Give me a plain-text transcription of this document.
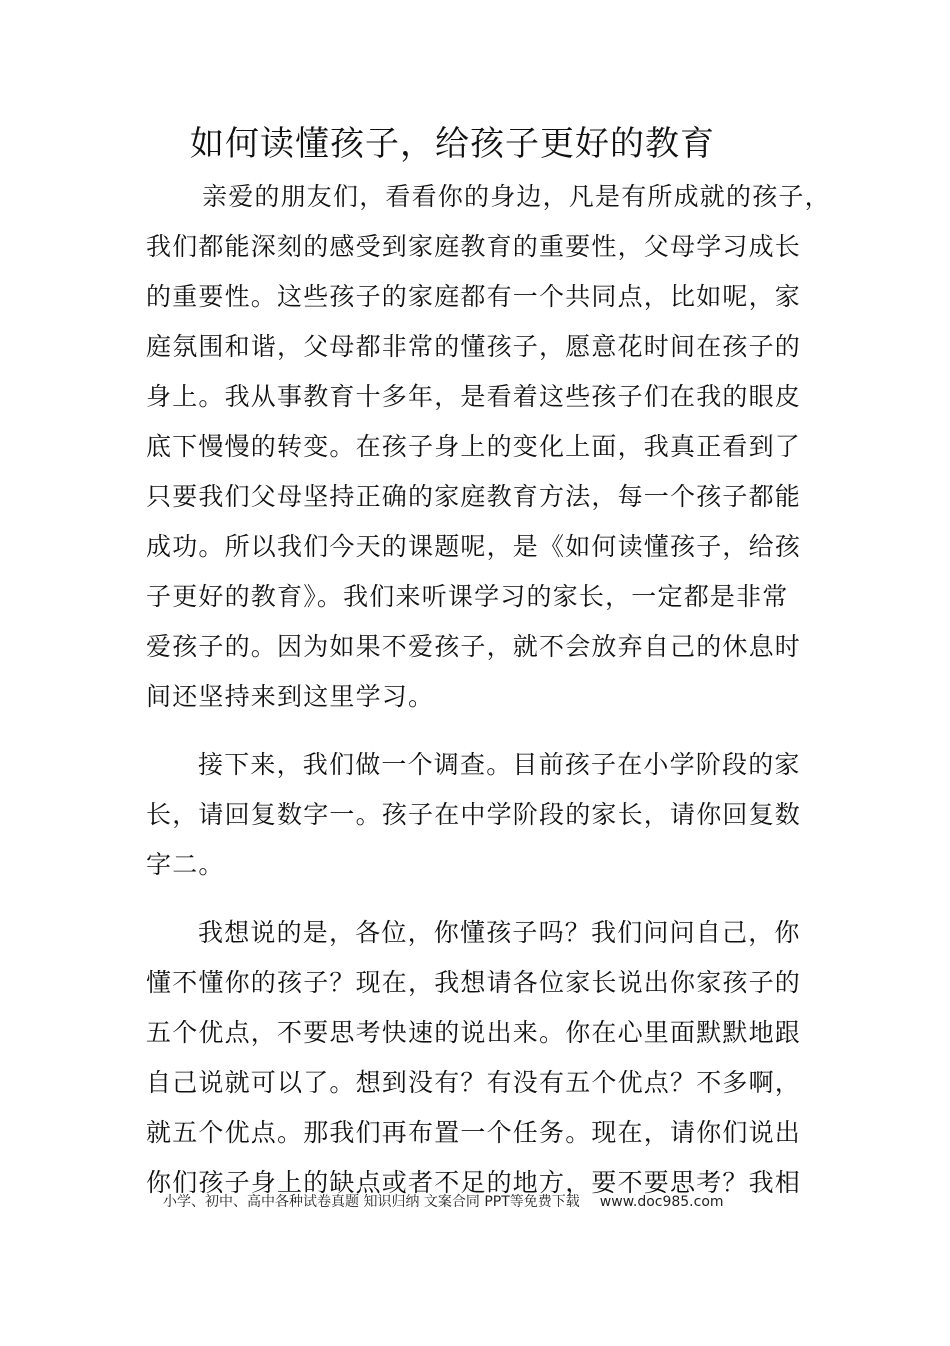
如何读懂孩子，给孩子更好的教育
亲爱的朋友们，看看你的身边，凡是有所成就的孩子，
我们都能深刻的感受到家庭教育的重要性，父母学习成长
的重要性。这些孩子的家庭都有一个共同点，比如呢，家
庭氛围和谐，父母都非常的懂孩子，愿意花时间在孩子的
身上。我从事教育十多年，是看着这些孩子们在我的眼皮
底下慢慢的转变。在孩子身上的变化上面，我真正看到了
只要我们父母坚持正确的家庭教育方法，每一个孩子都能
成功。所以我们今天的课题呢，是《如何读懂孩子，给孩
子更好的教育》。我们来听课学习的家长，一定都是非常
爱孩子的。因为如果不爱孩子，就不会放弃自己的休息时
间还坚持来到这里学习。
接下来，我们做一个调查。目前孩子在小学阶段的家
长，请回复数字一。孩子在中学阶段的家长，请你回复数
字二。
我想说的是，各位，你懂孩子吗？我们问问自己，你
懂不懂你的孩子？现在，我想请各位家长说出你家孩子的
五个优点，不要思考快速的说出来。你在心里面默默地跟
自己说就可以了。想到没有？有没有五个优点？不多啊，
就五个优点。那我们再布置一个任务。现在，请你们说出
你们孩子身上的缺点或者不足的地方，要不要思考？我相
小学、初中、高中各种试卷真题 知识归纳 文案合同 PPT等免费下载 www.doc985.com
